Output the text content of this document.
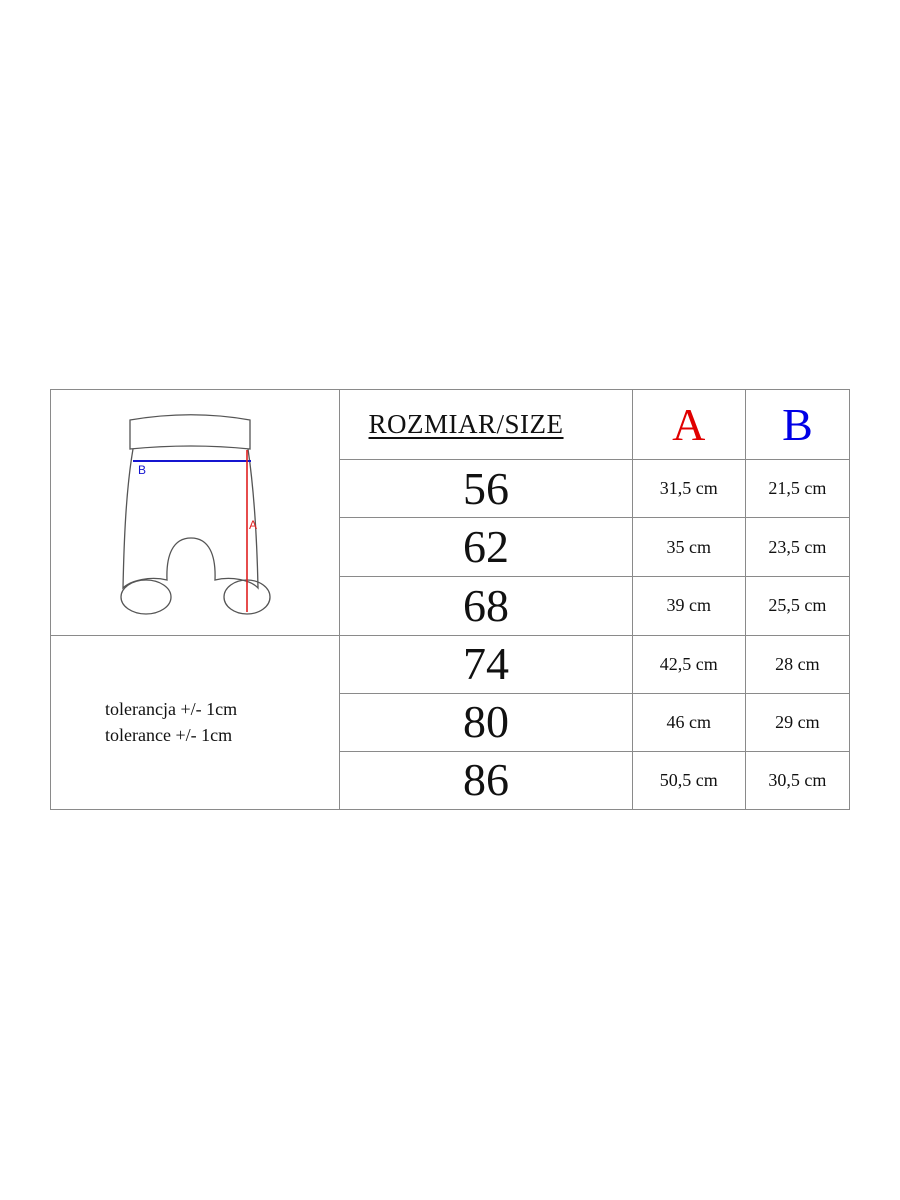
B
A	ROZMIAR/SIZE	A	B
	56	31,5 cm	21,5 cm
	62	35 cm	23,5 cm
	68	39 cm	25,5 cm

tolerancja +/- 1cm
tolerance +/- 1cm	74	42,5 cm	28 cm
	80	46 cm	29 cm
	86	50,5 cm	30,5 cm
